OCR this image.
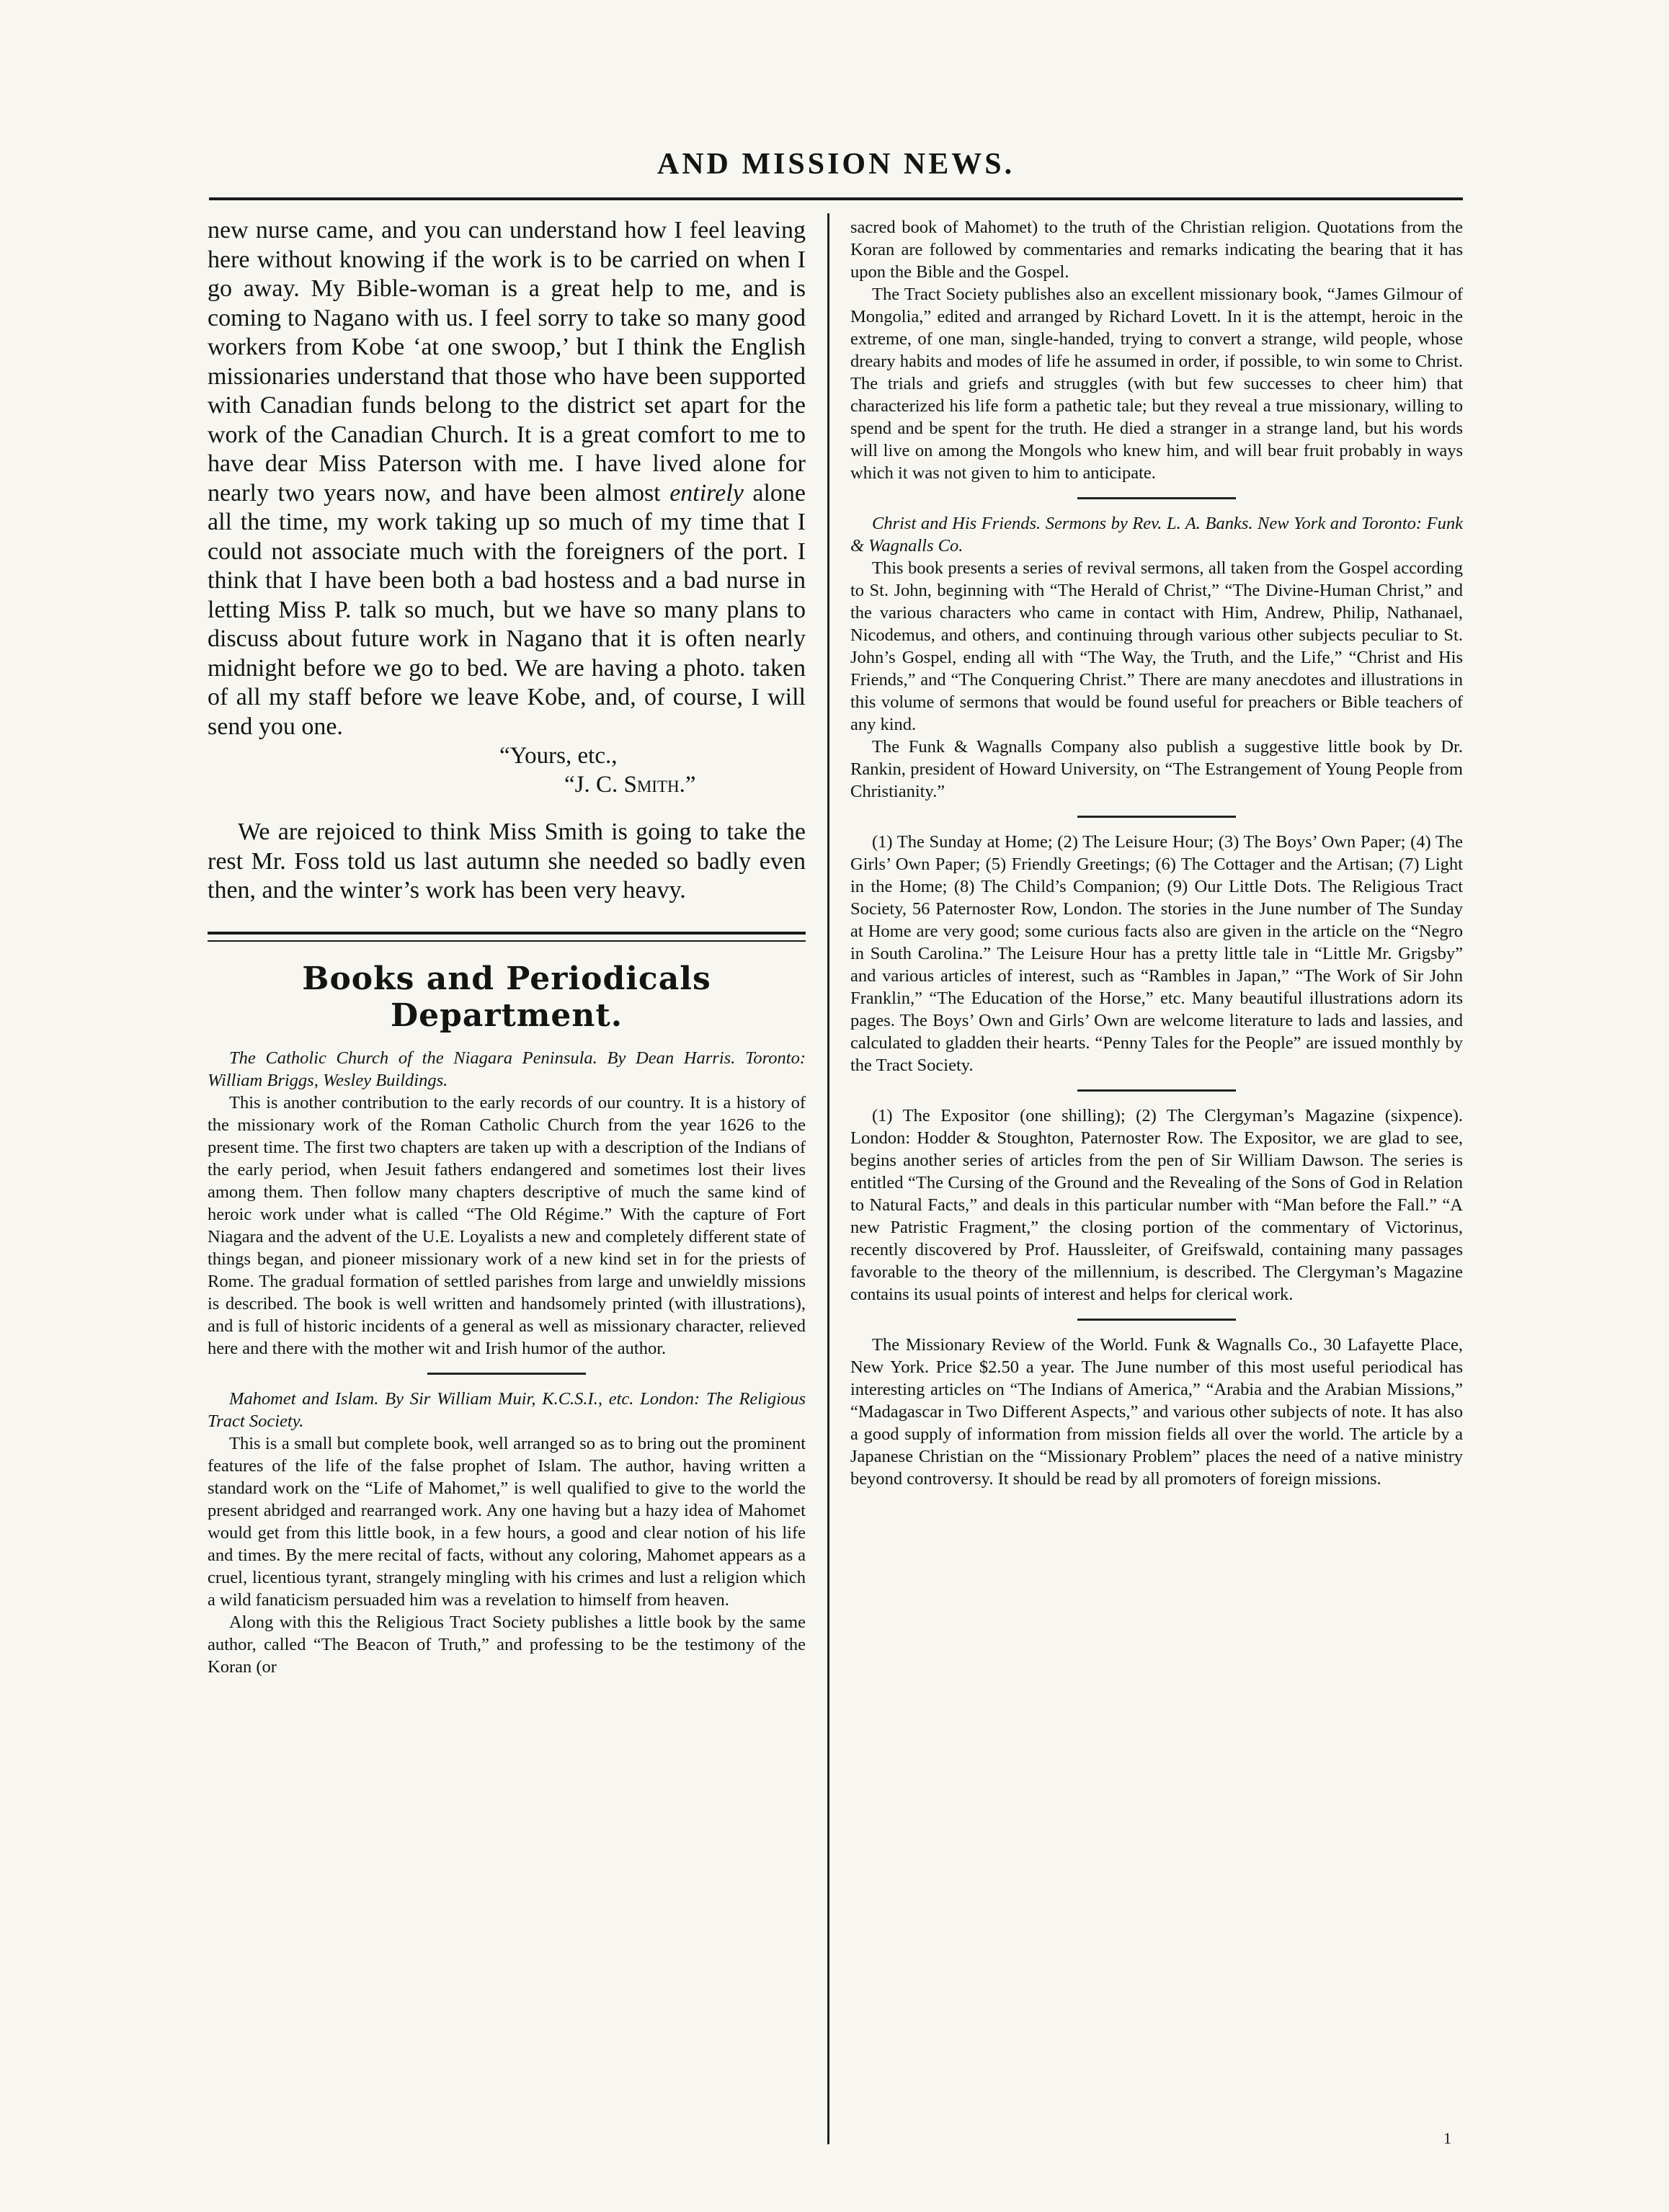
AND MISSION NEWS.

new nurse came, and you can understand how I feel leaving here without knowing if the work is to be carried on when I go away. My Bible-woman is a great help to me, and is coming to Nagano with us. I feel sorry to take so many good workers from Kobe ‘at one swoop,’ but I think the English missionaries understand that those who have been supported with Canadian funds belong to the district set apart for the work of the Canadian Church. It is a great comfort to me to have dear Miss Paterson with me. I have lived alone for nearly two years now, and have been almost entirely alone all the time, my work taking up so much of my time that I could not associate much with the foreigners of the port. I think that I have been both a bad hostess and a bad nurse in letting Miss P. talk so much, but we have so many plans to discuss about future work in Nagano that it is often nearly midnight before we go to bed. We are having a photo. taken of all my staff before we leave Kobe, and, of course, I will send you one.

“Yours, etc.,
“J. C. Smith.”

We are rejoiced to think Miss Smith is going to take the rest Mr. Foss told us last autumn she needed so badly even then, and the winter’s work has been very heavy.

Books and Periodicals Department.
The Catholic Church of the Niagara Peninsula. By Dean Harris. Toronto: William Briggs, Wesley Buildings.

This is another contribution to the early records of our country. It is a history of the missionary work of the Roman Catholic Church from the year 1626 to the present time. The first two chapters are taken up with a description of the Indians of the early period, when Jesuit fathers endangered and sometimes lost their lives among them. Then follow many chapters descriptive of much the same kind of heroic work under what is called “The Old Régime.” With the capture of Fort Niagara and the advent of the U.E. Loyalists a new and completely different state of things began, and pioneer missionary work of a new kind set in for the priests of Rome. The gradual formation of settled parishes from large and unwieldly missions is described. The book is well written and handsomely printed (with illustrations), and is full of historic incidents of a general as well as missionary character, relieved here and there with the mother wit and Irish humor of the author.

Mahomet and Islam. By Sir William Muir, K.C.S.I., etc. London: The Religious Tract Society.

This is a small but complete book, well arranged so as to bring out the prominent features of the life of the false prophet of Islam. The author, having written a standard work on the “Life of Mahomet,” is well qualified to give to the world the present abridged and rearranged work. Any one having but a hazy idea of Mahomet would get from this little book, in a few hours, a good and clear notion of his life and times. By the mere recital of facts, without any coloring, Mahomet appears as a cruel, licentious tyrant, strangely mingling with his crimes and lust a religion which a wild fanaticism persuaded him was a revelation to himself from heaven.

Along with this the Religious Tract Society publishes a little book by the same author, called “The Beacon of Truth,” and professing to be the testimony of the Koran (or

sacred book of Mahomet) to the truth of the Christian religion. Quotations from the Koran are followed by commentaries and remarks indicating the bearing that it has upon the Bible and the Gospel.

The Tract Society publishes also an excellent missionary book, “James Gilmour of Mongolia,” edited and arranged by Richard Lovett. In it is the attempt, heroic in the extreme, of one man, single-handed, trying to convert a strange, wild people, whose dreary habits and modes of life he assumed in order, if possible, to win some to Christ. The trials and griefs and struggles (with but few successes to cheer him) that characterized his life form a pathetic tale; but they reveal a true missionary, willing to spend and be spent for the truth. He died a stranger in a strange land, but his words will live on among the Mongols who knew him, and will bear fruit probably in ways which it was not given to him to anticipate.

Christ and His Friends. Sermons by Rev. L. A. Banks. New York and Toronto: Funk & Wagnalls Co.

This book presents a series of revival sermons, all taken from the Gospel according to St. John, beginning with “The Herald of Christ,” “The Divine-Human Christ,” and the various characters who came in contact with Him, Andrew, Philip, Nathanael, Nicodemus, and others, and continuing through various other subjects peculiar to St. John’s Gospel, ending all with “The Way, the Truth, and the Life,” “Christ and His Friends,” and “The Conquering Christ.” There are many anecdotes and illustrations in this volume of sermons that would be found useful for preachers or Bible teachers of any kind.

The Funk & Wagnalls Company also publish a suggestive little book by Dr. Rankin, president of Howard University, on “The Estrangement of Young People from Christianity.”

(1) The Sunday at Home; (2) The Leisure Hour; (3) The Boys’ Own Paper; (4) The Girls’ Own Paper; (5) Friendly Greetings; (6) The Cottager and the Artisan; (7) Light in the Home; (8) The Child’s Companion; (9) Our Little Dots. The Religious Tract Society, 56 Paternoster Row, London. The stories in the June number of The Sunday at Home are very good; some curious facts also are given in the article on the “Negro in South Carolina.” The Leisure Hour has a pretty little tale in “Little Mr. Grigsby” and various articles of interest, such as “Rambles in Japan,” “The Work of Sir John Franklin,” “The Education of the Horse,” etc. Many beautiful illustrations adorn its pages. The Boys’ Own and Girls’ Own are welcome literature to lads and lassies, and calculated to gladden their hearts. “Penny Tales for the People” are issued monthly by the Tract Society.

(1) The Expositor (one shilling); (2) The Clergyman’s Magazine (sixpence). London: Hodder & Stoughton, Paternoster Row. The Expositor, we are glad to see, begins another series of articles from the pen of Sir William Dawson. The series is entitled “The Cursing of the Ground and the Revealing of the Sons of God in Relation to Natural Facts,” and deals in this particular number with “Man before the Fall.” “A new Patristic Fragment,” the closing portion of the commentary of Victorinus, recently discovered by Prof. Haussleiter, of Greifswald, containing many passages favorable to the theory of the millennium, is described. The Clergyman’s Magazine contains its usual points of interest and helps for clerical work.

The Missionary Review of the World. Funk & Wagnalls Co., 30 Lafayette Place, New York. Price $2.50 a year. The June number of this most useful periodical has interesting articles on “The Indians of America,” “Arabia and the Arabian Missions,” “Madagascar in Two Different Aspects,” and various other subjects of note. It has also a good supply of information from mission fields all over the world. The article by a Japanese Christian on the “Missionary Problem” places the need of a native ministry beyond controversy. It should be read by all promoters of foreign missions.

1
